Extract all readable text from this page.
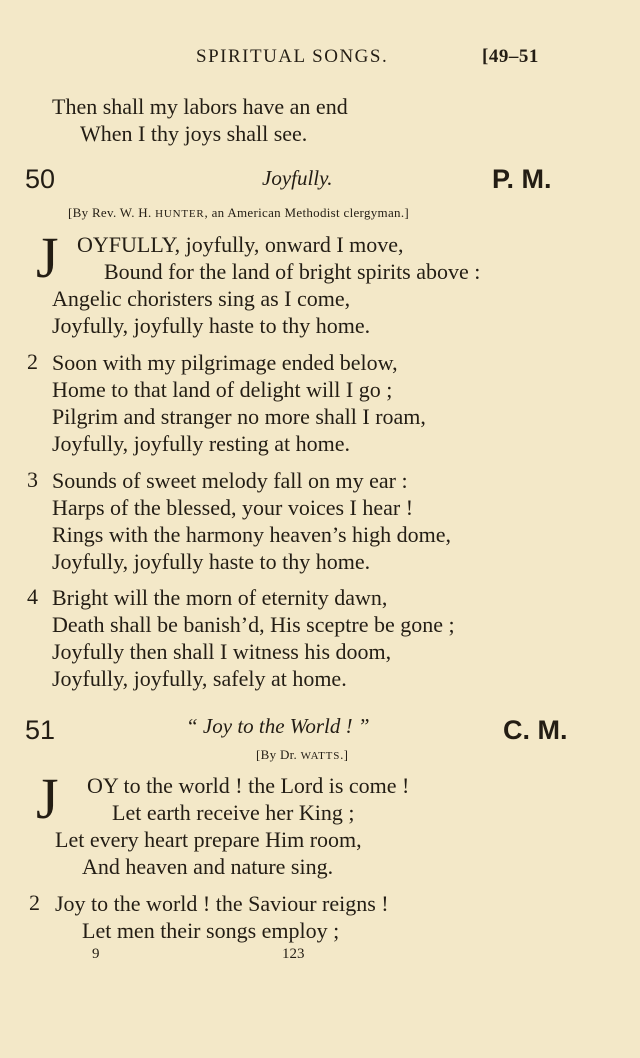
SPIRITUAL SONGS.	[49–51
Then shall my labors have an end
When I thy joys shall see.
50	Joyfully.	P. M.
[By Rev. W. H. HUNTER, an American Methodist clergyman.]
J OYFULLY, joyfully, onward I move,
Bound for the land of bright spirits above :
Angelic choristers sing as I come,
Joyfully, joyfully haste to thy home.
2 Soon with my pilgrimage ended below,
Home to that land of delight will I go ;
Pilgrim and stranger no more shall I roam,
Joyfully, joyfully resting at home.
3 Sounds of sweet melody fall on my ear :
Harps of the blessed, your voices I hear !
Rings with the harmony heaven’s high dome,
Joyfully, joyfully haste to thy home.
4 Bright will the morn of eternity dawn,
Death shall be banish’d, His sceptre be gone ;
Joyfully then shall I witness his doom,
Joyfully, joyfully, safely at home.
51	“ Joy to the World ! ”	C. M.
[By Dr. WATTS.]
J OY to the world ! the Lord is come !
Let earth receive her King ;
Let every heart prepare Him room,
And heaven and nature sing.
2 Joy to the world ! the Saviour reigns !
Let men their songs employ ;
9	123
